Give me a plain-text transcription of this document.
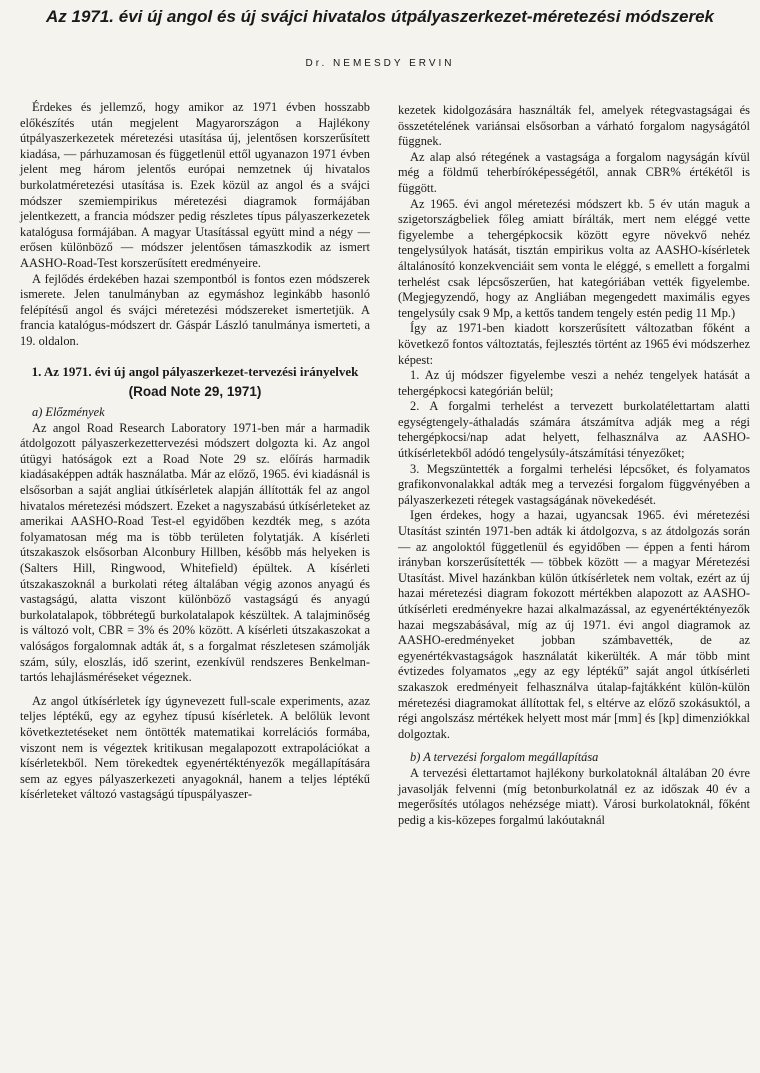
Az 1971. évi új angol és új svájci hivatalos útpályaszerkezet-méretezési módszerek
Dr. NEMESDY ERVIN

Érdekes és jellemző, hogy amikor az 1971 évben hosszabb előkészítés után megjelent Magyarországon a Hajlékony útpályaszerkezetek méretezési utasítása új, jelentősen korszerűsített kiadása, — párhuzamosan és függetlenül ettől ugyanazon 1971 évben jelent meg három jelentős európai nemzetnek új hivatalos burkolatméretezési utasítása is. Ezek közül az angol és a svájci módszer szemiempirikus méretezési diagramok formájában jelentkezett, a francia módszer pedig részletes típus pályaszerkezetek katalógusa formájában. A magyar Utasítással együtt mind a négy — erősen különböző — módszer jelentősen támaszkodik az ismert AASHO-Road-Test korszerűsített eredményeire.

A fejlődés érdekében hazai szempontból is fontos ezen módszerek ismerete. Jelen tanulmányban az egymáshoz leginkább hasonló felépítésű angol és svájci méretezési módszereket ismertetjük. A francia katalógus-módszert dr. Gáspár László tanulmánya ismerteti, a 19. oldalon.

1. Az 1971. évi új angol pályaszerkezet-tervezési irányelvek
(Road Note 29, 1971)

a) Előzmények

Az angol Road Research Laboratory 1971-ben már a harmadik átdolgozott pályaszerkezettervezési módszert dolgozta ki. Az angol útügyi hatóságok ezt a Road Note 29 sz. előírás harmadik kiadásaképpen adták használatba. Már az előző, 1965. évi kiadásnál is elsősorban a saját angliai útkísérletek alapján állították fel az angol hivatalos méretezési módszert. Ezeket a nagyszabású útkísérleteket az amerikai AASHO-Road Test-el egyidőben kezdték meg, s azóta folyamatosan még ma is több területen folytatják. A kísérleti útszakaszok elsősorban Alconbury Hillben, később más helyeken is (Salters Hill, Ringwood, Whitefield) épültek. A kísérleti útszakaszoknál a burkolati réteg általában végig azonos anyagú és vastagságú, alatta viszont különböző vastagságú és anyagú burkolatalapok, többrétegű burkolatalapok készültek. A talajminőség is változó volt, CBR = 3% és 20% között. A kísérleti útszakaszokat a valóságos forgalomnak adták át, s a forgalmat részletesen számolják szám, súly, eloszlás, idő szerint, ezenkívül rendszeres Benkelman-tartós lehajlásméréseket végeznek.

Az angol útkísérletek így úgynevezett full-scale experiments, azaz teljes léptékű, egy az egyhez típusú kísérletek. A belőlük levont következtetéseket nem öntötték matematikai korrelációs formába, viszont nem is végeztek kritikusan megalapozott extrapolációkat a kísérletekből. Nem törekedtek egyenértéktényezők megállapítására sem az egyes pályaszerkezeti anyagoknál, hanem a teljes léptékű kísérleteket változó vastagságú típuspályaszer-

kezetek kidolgozására használták fel, amelyek rétegvastagságai és összetételének variánsai elsősorban a várható forgalom nagyságától függnek.

Az alap alsó rétegének a vastagsága a forgalom nagyságán kívül még a földmű teherbíróképességétől, annak CBR% értékétől is függött.

Az 1965. évi angol méretezési módszert kb. 5 év után maguk a szigetországbeliek főleg amiatt bírálták, mert nem eléggé vette figyelembe a tehergépkocsik között egyre növekvő nehéz tengelysúlyok hatását, tisztán empirikus volta az AASHO-kísérletek általánosító konzekvenciáit sem vonta le eléggé, s emellett a forgalmi terhelést csak lépcsőszerűen, hat kategóriában vették figyelembe. (Megjegyzendő, hogy az Angliában megengedett maximális egyes tengelysúly csak 9 Mp, a kettős tandem tengely estén pedig 11 Mp.)

Így az 1971-ben kiadott korszerűsített változatban főként a következő fontos változtatás, fejlesztés történt az 1965 évi módszerhez képest:

1. Az új módszer figyelembe veszi a nehéz tengelyek hatását a tehergépkocsi kategórián belül;

2. A forgalmi terhelést a tervezett burkolatélettartam alatti egységtengely-áthaladás számára átszámítva adják meg a régi tehergépkocsi/nap adat helyett, felhasználva az AASHO-útkísérletekből adódó tengelysúly-átszámítási tényezőket;

3. Megszüntették a forgalmi terhelési lépcsőket, és folyamatos grafikonvonalakkal adták meg a tervezési forgalom függvényében a pályaszerkezeti rétegek vastagságának növekedését.

Igen érdekes, hogy a hazai, ugyancsak 1965. évi méretezési Utasítást szintén 1971-ben adták ki átdolgozva, s az átdolgozás során — az angoloktól függetlenül és egyidőben — éppen a fenti három irányban korszerűsítették — többek között — a magyar Méretezési Utasítást. Mivel hazánkban külön útkísérletek nem voltak, ezért az új hazai méretezési diagram fokozott mértékben alapozott az AASHO-útkísérleti eredményekre hazai alkalmazással, az egyenértéktényezők hazai megszabásával, míg az új 1971. évi angol diagramok az AASHO-eredményeket jobban számbavették, de az egyenértékvastagságok használatát kikerülték. A már több mint évtizedes folyamatos „egy az egy léptékű” saját angol útkísérleti szakaszok eredményeit felhasználva útalap-fajtákként külön-külön méretezési diagramokat állítottak fel, s eltérve az előző szokásuktól, a régi angolszász mértékek helyett most már [mm] és [kp] dimenziókkal dolgoztak.

b) A tervezési forgalom megállapítása

A tervezési élettartamot hajlékony burkolatoknál általában 20 évre javasolják felvenni (míg betonburkolatnál ez az időszak 40 év a megerősítés utólagos nehézsége miatt). Városi burkolatoknál, főként pedig a kis-közepes forgalmú lakóutaknál
